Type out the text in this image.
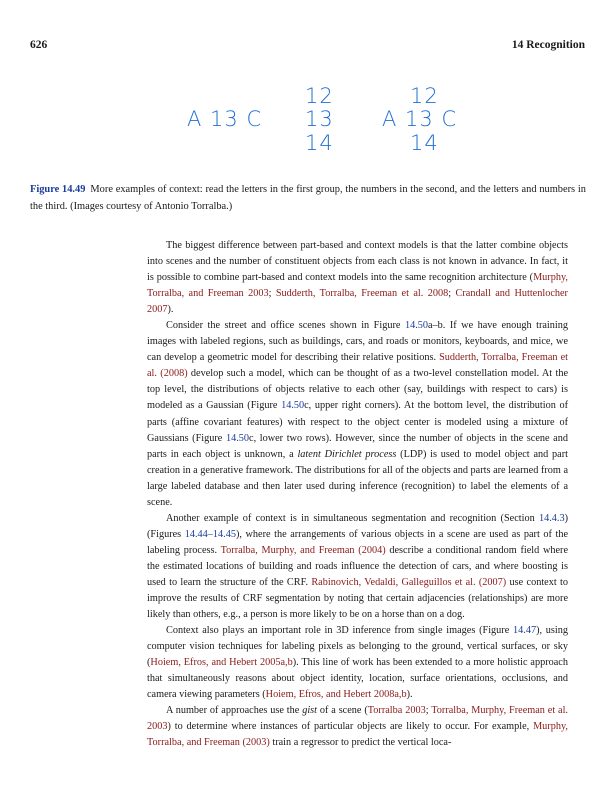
626	14 Recognition
A 13 C
12
13
14
12
A 13 C
14
Figure 14.49 More examples of context: read the letters in the first group, the numbers in the second, and the letters and numbers in the third. (Images courtesy of Antonio Torralba.)

The biggest difference between part-based and context models is that the latter combine objects into scenes and the number of constituent objects from each class is not known in advance. In fact, it is possible to combine part-based and context models into the same recognition architecture (Murphy, Torralba, and Freeman 2003; Sudderth, Torralba, Freeman et al. 2008; Crandall and Huttenlocher 2007).

Consider the street and office scenes shown in Figure 14.50a–b. If we have enough training images with labeled regions, such as buildings, cars, and roads or monitors, keyboards, and mice, we can develop a geometric model for describing their relative positions. Sudderth, Torralba, Freeman et al. (2008) develop such a model, which can be thought of as a two-level constellation model. At the top level, the distributions of objects relative to each other (say, buildings with respect to cars) is modeled as a Gaussian (Figure 14.50c, upper right corners). At the bottom level, the distribution of parts (affine covariant features) with respect to the object center is modeled using a mixture of Gaussians (Figure 14.50c, lower two rows). However, since the number of objects in the scene and parts in each object is unknown, a latent Dirichlet process (LDP) is used to model object and part creation in a generative framework. The distributions for all of the objects and parts are learned from a large labeled database and then later used during inference (recognition) to label the elements of a scene.

Another example of context is in simultaneous segmentation and recognition (Section 14.4.3) (Figures 14.44–14.45), where the arrangements of various objects in a scene are used as part of the labeling process. Torralba, Murphy, and Freeman (2004) describe a conditional random field where the estimated locations of building and roads influence the detection of cars, and where boosting is used to learn the structure of the CRF. Rabinovich, Vedaldi, Galleguillos et al. (2007) use context to improve the results of CRF segmentation by noting that certain adjacencies (relationships) are more likely than others, e.g., a person is more likely to be on a horse than on a dog.

Context also plays an important role in 3D inference from single images (Figure 14.47), using computer vision techniques for labeling pixels as belonging to the ground, vertical surfaces, or sky (Hoiem, Efros, and Hebert 2005a,b). This line of work has been extended to a more holistic approach that simultaneously reasons about object identity, location, surface orientations, occlusions, and camera viewing parameters (Hoiem, Efros, and Hebert 2008a,b).

A number of approaches use the gist of a scene (Torralba 2003; Torralba, Murphy, Freeman et al. 2003) to determine where instances of particular objects are likely to occur. For example, Murphy, Torralba, and Freeman (2003) train a regressor to predict the vertical loca-
